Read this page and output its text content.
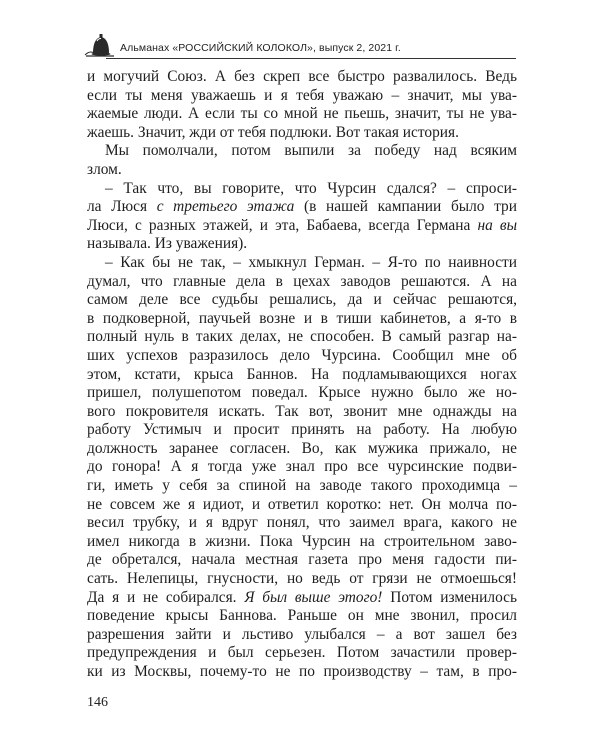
Альманах «РОССИЙСКИЙ КОЛОКОЛ», выпуск 2, 2021 г.
и могучий Союз. А без скреп все быстро развалилось. Ведь
если ты меня уважаешь и я тебя уважаю – значит, мы ува-
жаемые люди. А если ты со мной не пьешь, значит, ты не ува-
жаешь. Значит, жди от тебя подлюки. Вот такая история.
Мы помолчали, потом выпили за победу над всяким
злом.
– Так что, вы говорите, что Чурсин сдался? – спроси-
ла Люся с третьего этажа (в нашей кампании было три
Люси, с разных этажей, и эта, Бабаева, всегда Германа на вы
называла. Из уважения).
– Как бы не так, – хмыкнул Герман. – Я-то по наивности
думал, что главные дела в цехах заводов решаются. А на
самом деле все судьбы решались, да и сейчас решаются,
в подковерной, паучьей возне и в тиши кабинетов, а я-то в
полный нуль в таких делах, не способен. В самый разгар на-
ших успехов разразилось дело Чурсина. Сообщил мне об
этом, кстати, крыса Баннов. На подламывающихся ногах
пришел, полушепотом поведал. Крысе нужно было же но-
вого покровителя искать. Так вот, звонит мне однажды на
работу Устимыч и просит принять на работу. На любую
должность заранее согласен. Во, как мужика прижало, не
до гонора! А я тогда уже знал про все чурсинские подви-
ги, иметь у себя за спиной на заводе такого проходимца –
не совсем же я идиот, и ответил коротко: нет. Он молча по-
весил трубку, и я вдруг понял, что заимел врага, какого не
имел никогда в жизни. Пока Чурсин на строительном заво-
де обретался, начала местная газета про меня гадости пи-
сать. Нелепицы, гнусности, но ведь от грязи не отмоешься!
Да я и не собирался. Я был выше этого! Потом изменилось
поведение крысы Баннова. Раньше он мне звонил, просил
разрешения зайти и льстиво улыбался – а вот зашел без
предупреждения и был серьезен. Потом зачастили провер-
ки из Москвы, почему-то не по производству – там, в про-
146
